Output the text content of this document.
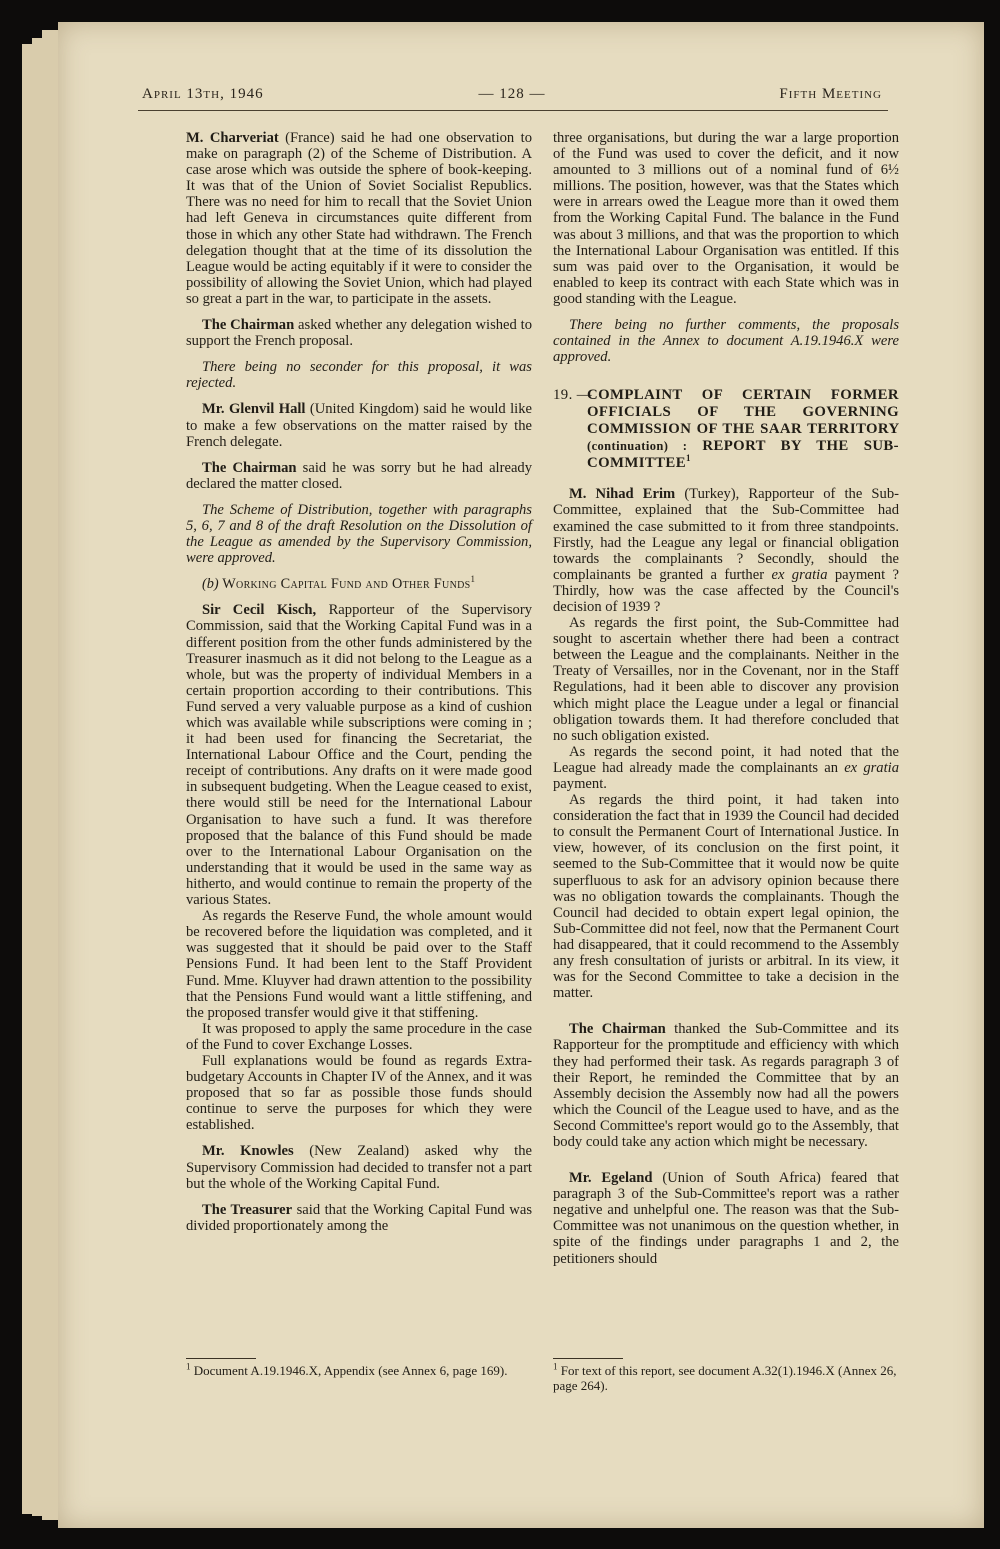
April 13th, 1946	— 128 —	Fifth Meeting

M. Charveriat (France) said he had one observation to make on paragraph (2) of the Scheme of Distribution. A case arose which was outside the sphere of book-keeping. It was that of the Union of Soviet Socialist Republics. There was no need for him to recall that the Soviet Union had left Geneva in circumstances quite different from those in which any other State had withdrawn. The French delegation thought that at the time of its dissolution the League would be acting equitably if it were to consider the possibility of allowing the Soviet Union, which had played so great a part in the war, to participate in the assets.

The Chairman asked whether any delegation wished to support the French proposal.

There being no seconder for this proposal, it was rejected.

Mr. Glenvil Hall (United Kingdom) said he would like to make a few observations on the matter raised by the French delegate.

The Chairman said he was sorry but he had already declared the matter closed.

The Scheme of Distribution, together with paragraphs 5, 6, 7 and 8 of the draft Resolution on the Dissolution of the League as amended by the Supervisory Commission, were approved.

(b) Working Capital Fund and Other Funds$^1$

Sir Cecil Kisch, Rapporteur of the Supervisory Commission, said that the Working Capital Fund was in a different position from the other funds administered by the Treasurer inasmuch as it did not belong to the League as a whole, but was the property of individual Members in a certain proportion according to their contributions. This Fund served a very valuable purpose as a kind of cushion which was available while subscriptions were coming in ; it had been used for financing the Secretariat, the International Labour Office and the Court, pending the receipt of contributions. Any drafts on it were made good in subsequent budgeting. When the League ceased to exist, there would still be need for the International Labour Organisation to have such a fund. It was therefore proposed that the balance of this Fund should be made over to the International Labour Organisation on the understanding that it would be used in the same way as hitherto, and would continue to remain the property of the various States.

As regards the Reserve Fund, the whole amount would be recovered before the liquidation was completed, and it was suggested that it should be paid over to the Staff Pensions Fund. It had been lent to the Staff Provident Fund. Mme. Kluyver had drawn attention to the possibility that the Pensions Fund would want a little stiffening, and the proposed transfer would give it that stiffening.

It was proposed to apply the same procedure in the case of the Fund to cover Exchange Losses.

Full explanations would be found as regards Extra-budgetary Accounts in Chapter IV of the Annex, and it was proposed that so far as possible those funds should continue to serve the purposes for which they were established.

Mr. Knowles (New Zealand) asked why the Supervisory Commission had decided to transfer not a part but the whole of the Working Capital Fund.

The Treasurer said that the Working Capital Fund was divided proportionately among the

$^1$ Document A.19.1946.X, Appendix (see Annex 6, page 169).

three organisations, but during the war a large proportion of the Fund was used to cover the deficit, and it now amounted to 3 millions out of a nominal fund of 6½ millions. The position, however, was that the States which were in arrears owed the League more than it owed them from the Working Capital Fund. The balance in the Fund was about 3 millions, and that was the proportion to which the International Labour Organisation was entitled. If this sum was paid over to the Organisation, it would be enabled to keep its contract with each State which was in good standing with the League.

There being no further comments, the proposals contained in the Annex to document A.19.1946.X were approved.

19. —
COMPLAINT OF CERTAIN FORMER OFFICIALS OF THE GOVERNING COMMISSION OF THE SAAR TERRITORY (continuation) : REPORT BY THE SUB-COMMITTEE$^1$

M. Nihad Erim (Turkey), Rapporteur of the Sub-Committee, explained that the Sub-Committee had examined the case submitted to it from three standpoints. Firstly, had the League any legal or financial obligation towards the complainants ? Secondly, should the complainants be granted a further ex gratia payment ? Thirdly, how was the case affected by the Council's decision of 1939 ?

As regards the first point, the Sub-Committee had sought to ascertain whether there had been a contract between the League and the complainants. Neither in the Treaty of Versailles, nor in the Covenant, nor in the Staff Regulations, had it been able to discover any provision which might place the League under a legal or financial obligation towards them. It had therefore concluded that no such obligation existed.

As regards the second point, it had noted that the League had already made the complainants an ex gratia payment.

As regards the third point, it had taken into consideration the fact that in 1939 the Council had decided to consult the Permanent Court of International Justice. In view, however, of its conclusion on the first point, it seemed to the Sub-Committee that it would now be quite superfluous to ask for an advisory opinion because there was no obligation towards the complainants. Though the Council had decided to obtain expert legal opinion, the Sub-Committee did not feel, now that the Permanent Court had disappeared, that it could recommend to the Assembly any fresh consultation of jurists or arbitral. In its view, it was for the Second Committee to take a decision in the matter.

The Chairman thanked the Sub-Committee and its Rapporteur for the promptitude and efficiency with which they had performed their task. As regards paragraph 3 of their Report, he reminded the Committee that by an Assembly decision the Assembly now had all the powers which the Council of the League used to have, and as the Second Committee's report would go to the Assembly, that body could take any action which might be necessary.

Mr. Egeland (Union of South Africa) feared that paragraph 3 of the Sub-Committee's report was a rather negative and unhelpful one. The reason was that the Sub-Committee was not unanimous on the question whether, in spite of the findings under paragraphs 1 and 2, the petitioners should

$^1$ For text of this report, see document A.32(1).1946.X (Annex 26, page 264).
